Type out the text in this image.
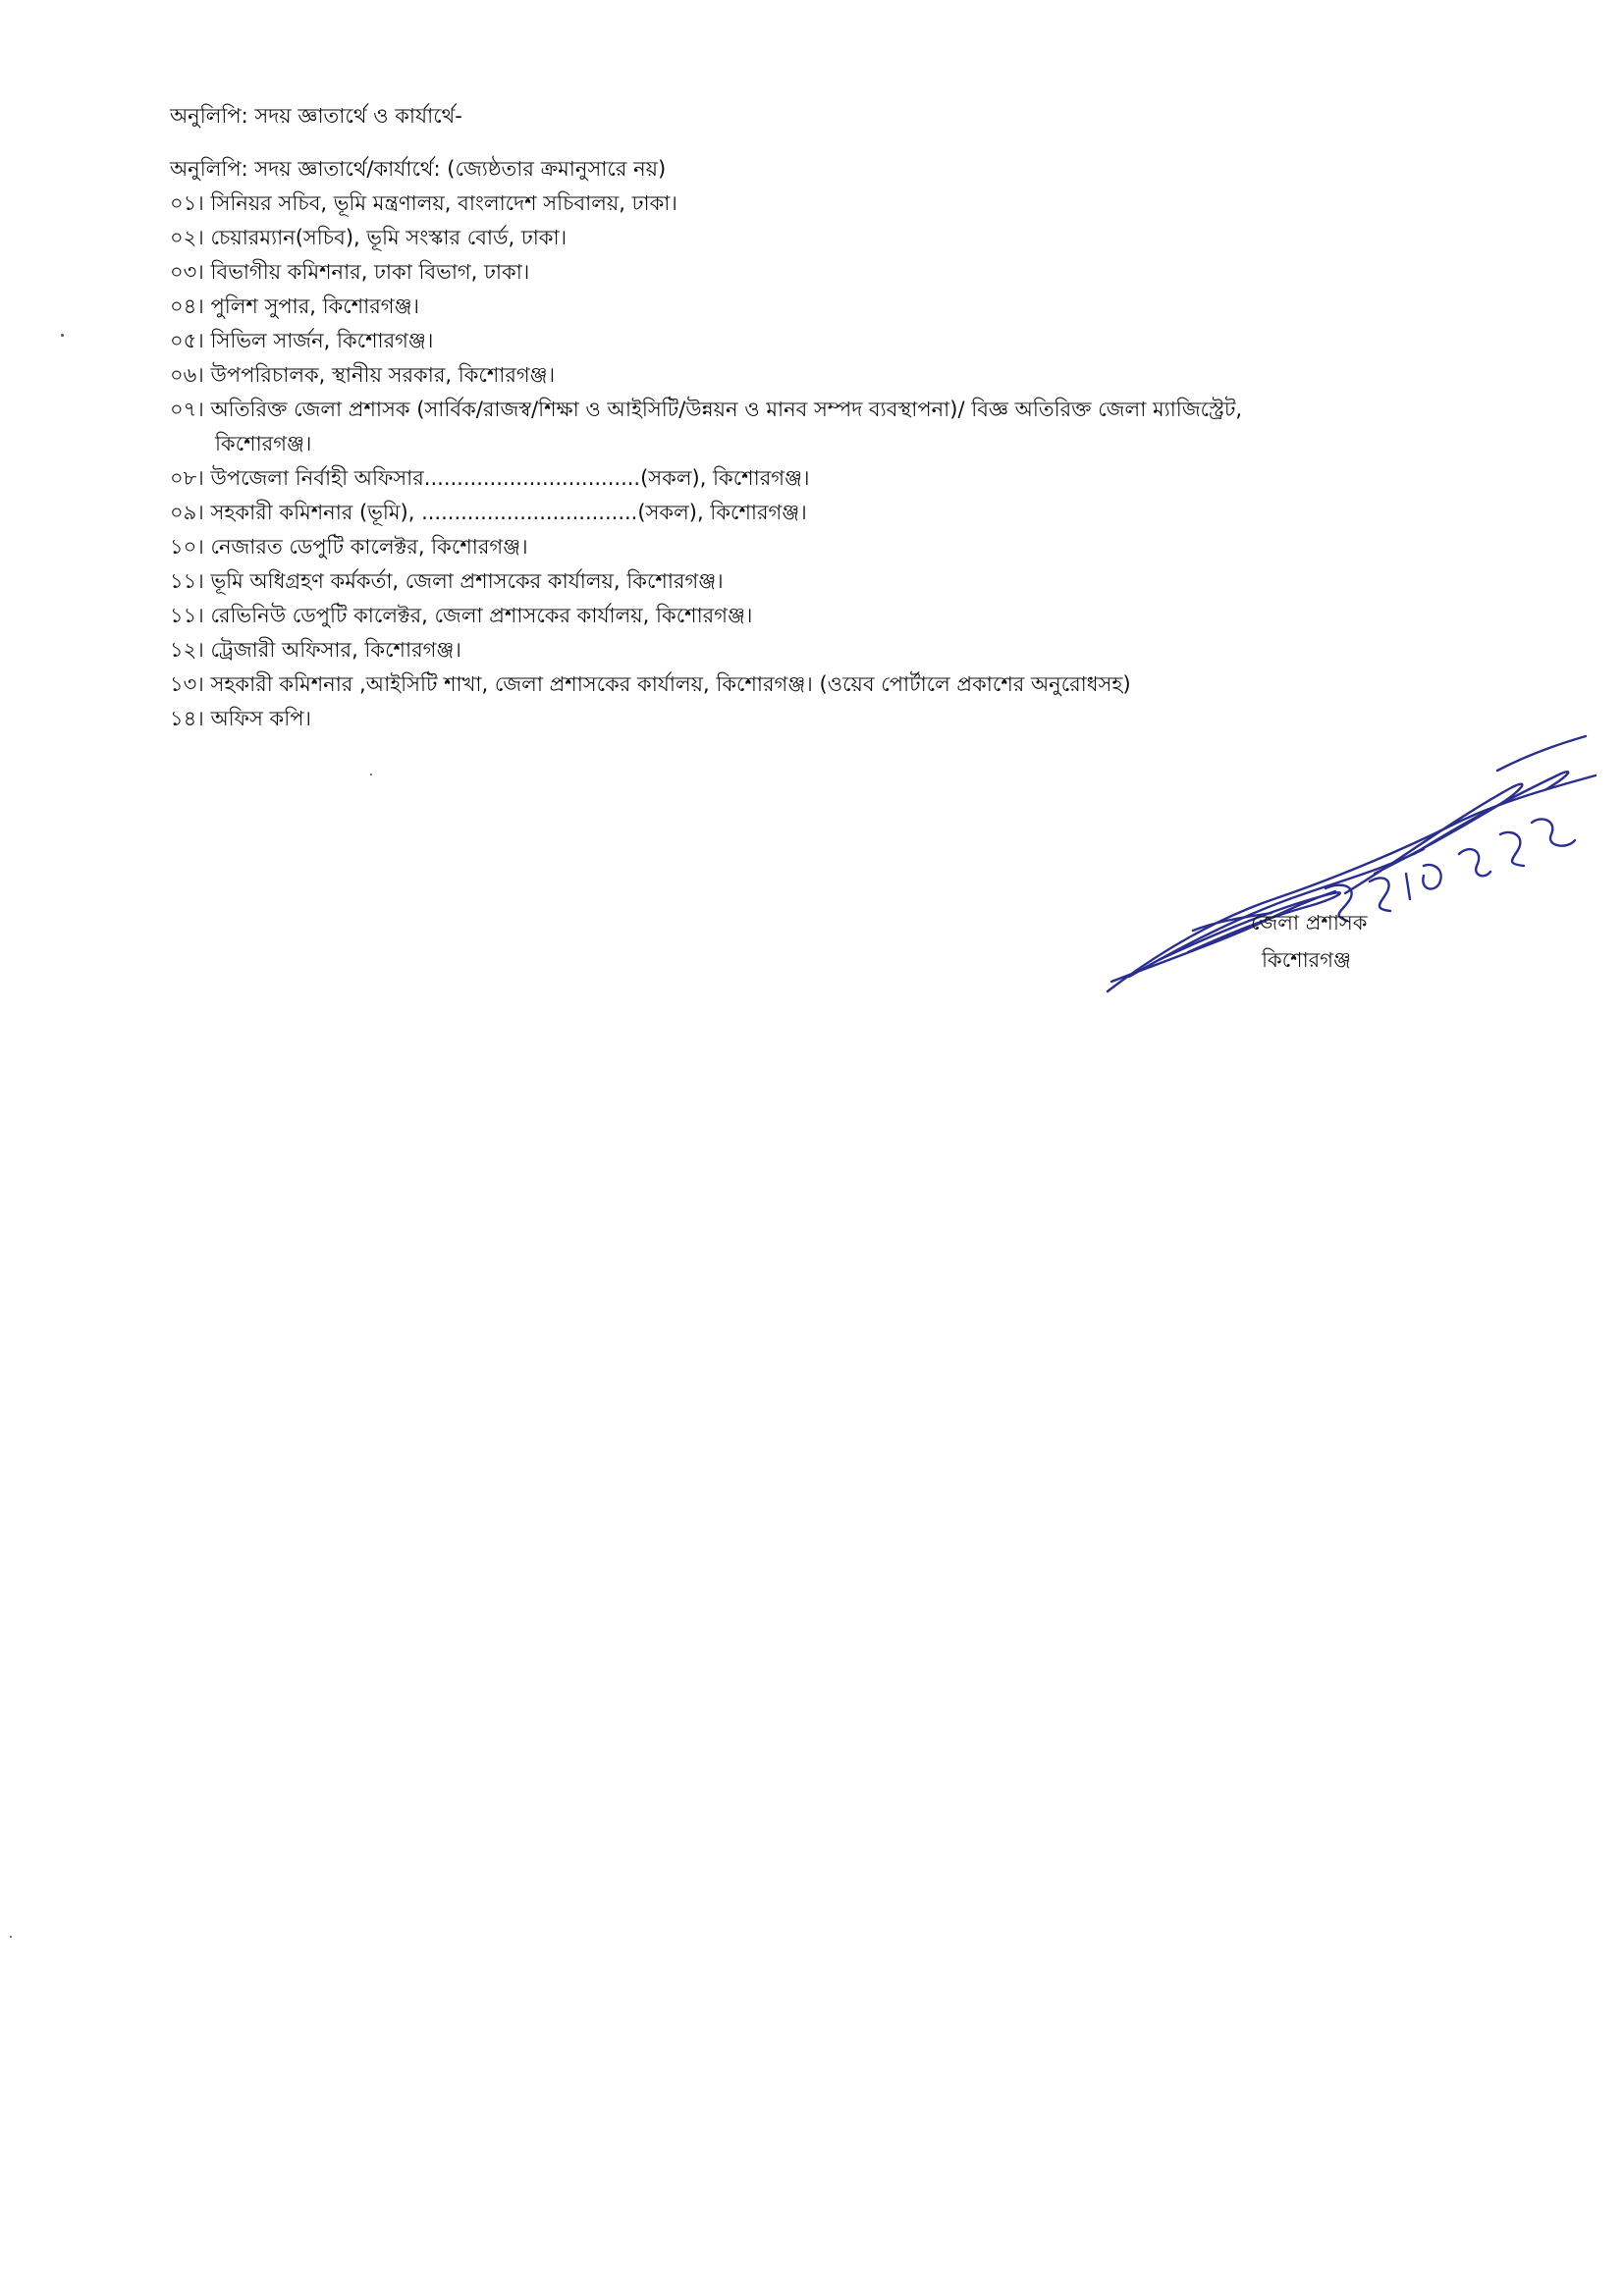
অনুলিপি: সদয় জ্ঞাতার্থে ও কার্যার্থে-
অনুলিপি: সদয় জ্ঞাতার্থে/কার্যার্থে: (জ্যেষ্ঠতার ক্রমানুসারে নয়)
০১। সিনিয়র সচিব, ভূমি মন্ত্রণালয়, বাংলাদেশ সচিবালয়, ঢাকা।
০২। চেয়ারম্যান(সচিব), ভূমি সংস্কার বোর্ড, ঢাকা।
০৩। বিভাগীয় কমিশনার, ঢাকা বিভাগ, ঢাকা।
০৪। পুলিশ সুপার, কিশোরগঞ্জ।
০৫। সিভিল সার্জন, কিশোরগঞ্জ।
০৬। উপপরিচালক, স্থানীয় সরকার, কিশোরগঞ্জ।
০৭। অতিরিক্ত জেলা প্রশাসক (সার্বিক/রাজস্ব/শিক্ষা ও আইসিটি/উন্নয়ন ও মানব সম্পদ ব্যবস্থাপনা)/ বিজ্ঞ অতিরিক্ত জেলা ম্যাজিস্ট্রেট,
কিশোরগঞ্জ।
০৮। উপজেলা নির্বাহী অফিসার.................................(সকল), কিশোরগঞ্জ।
০৯। সহকারী কমিশনার (ভূমি), .................................(সকল), কিশোরগঞ্জ।
১০। নেজারত ডেপুটি কালেক্টর, কিশোরগঞ্জ।
১১। ভূমি অধিগ্রহণ কর্মকর্তা, জেলা প্রশাসকের কার্যালয়, কিশোরগঞ্জ।
১১। রেভিনিউ ডেপুটি কালেক্টর, জেলা প্রশাসকের কার্যালয়, কিশোরগঞ্জ।
১২। ট্রেজারী অফিসার, কিশোরগঞ্জ।
১৩। সহকারী কমিশনার ,আইসিটি শাখা, জেলা প্রশাসকের কার্যালয়, কিশোরগঞ্জ। (ওয়েব পোর্টালে প্রকাশের অনুরোধসহ)
১৪। অফিস কপি।
জেলা প্রশাসক
কিশোরগঞ্জ
